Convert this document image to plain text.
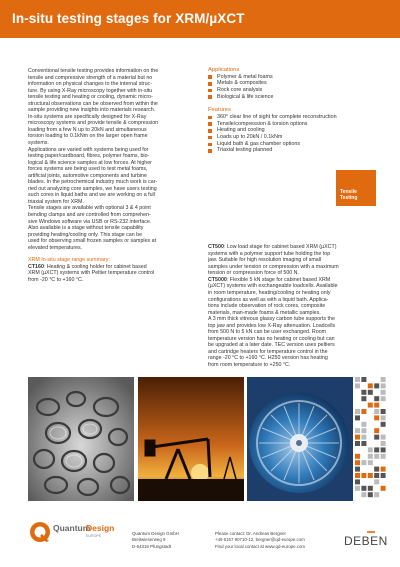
In-situ testing stages for XRM/µXCT

Conventional tensile testing provides information on the
tensile and compressive strength of a material but no
information on physical changes to the internal struc-
ture. By using X-Ray microscopy together with in-situ
tensile testing and heating or cooling, dynamic micro-
structural observations can be observed from within the
sample providing new insights into materials research.
In-situ systems are specifically designed for X-Ray
microscopy systems and provide tensile & compression
loading from a few N up to 20kN and simultaneous
torsion loading to 0.1kNm on the larger open frame
systems.

Applications are varied with systems being used for
testing paper/cardboard, fibres, polymer foams, bio-
logical & life science samples at low forces. At higher
forces systems are being used to test metal foams,
artificial joints, automotive components and turbine
blades. In the petrochemical industry much work is car-
ried out analyzing core samples, we have users testing
such cores in liquid baths and we are working on a full
triaxial system for XRM.

Tensile stages are available with optional 3 & 4 point
bending clamps and are controlled from comprehen-
sive Windows software via USB or RS-232 interface.
Also available is a stage without tensile capability
providing heating/cooling only. This stage can be
used for observing small frozen samples or samples at
elevated temperatures.

XRM In-situ stage range summary:

CT160: Heating & cooling holder for cabinet based
XRM (µXCT) systems with Peltier temperature control
from -20 °C to +160 °C.

Applications

Polymer & metal foams
Metals & composites
Rock core analysis
Biological & life science

Features

360° clear line of sight for complete reconstruction
Tensile/compression & torsion options
Heating and cooling
Loads up to 20kN / 0.1kNm
Liquid bath & gas chamber options
Triaxial testing planned

CT500: Low load stage for cabinet based XRM (µXCT)
systems with a polymer support tube holding the top
jaw. Suitable for high resolution imaging of small
samples under tension or compression with a maximum
tension or compression force of 500 N.

CT5000: Flexible 5 kN stage for cabinet based XRM
(µXCT) systems with exchangeable loadcells. Available
in room temperature, heating/cooling or heating only
configurations as well as with a liquid bath. Applica-
tions include observation of rock cores, composite
materials, man-made foams & metallic samples.
A 3 mm thick vitreous glassy carbon tube supports the
top jaw and provides low X-Ray attenuation. Loadcells
from 500 N to 5 kN can be user exchanged. Room
temperature version has no heating or cooling but can
be upgraded at a later date. TEC version uses peltiers
and cartridge heaters for temperature control in the
range -20 °C to +160 °C. H250 version has heating
from room temperature to +250 °C.

Tensile
Testing
Quantum
Design
EUROPE	Quantum Design GmbH

Breitwieserweg 9

D-64319 Pfungstadt

Please contact: Dr. Andreas Bergner

+49 6157 80710-12, bergner@qd-europe.com

Find your local contact at www.qd-europe.com	DEBEN
